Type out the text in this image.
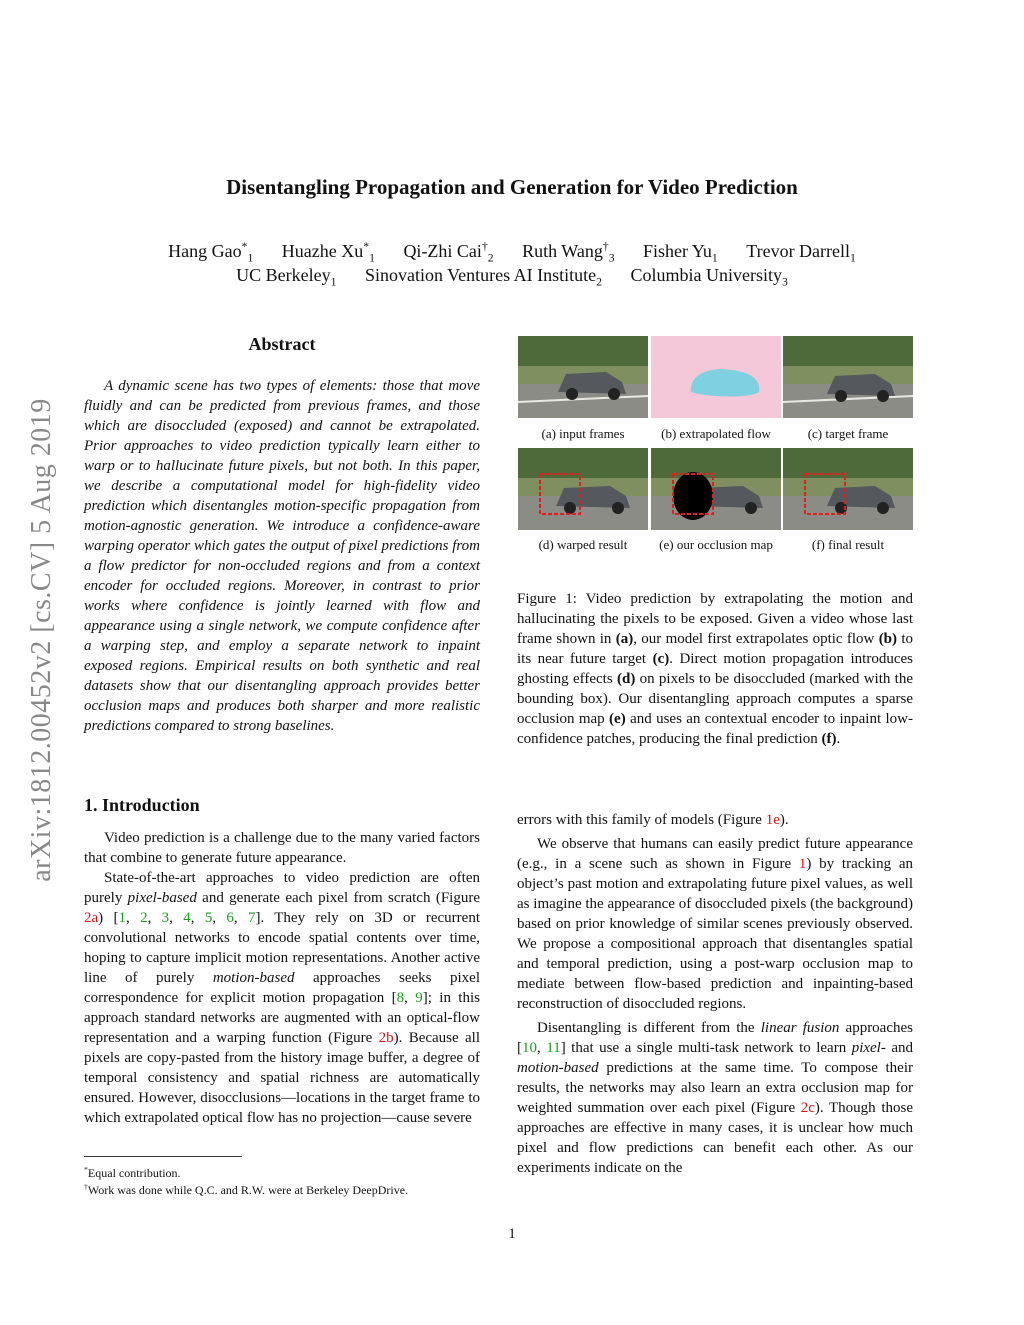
arXiv:1812.00452v2 [cs.CV] 5 Aug 2019
Disentangling Propagation and Generation for Video Prediction
Hang Gao*$_1$ Huazhe $Xu^*_1$ Qi-Zhi Cai†$_2$ Ruth Wang†$_3$ Fisher $Yu_1$ Trevor Darrell$_1$
UC Berkeley$_1$ Sinovation Ventures AI Institute$_2$ Columbia University$_3$
Abstract

A dynamic scene has two types of elements: those that move fluidly and can be predicted from previous frames, and those which are disoccluded (exposed) and cannot be extrapolated. Prior approaches to video prediction typically learn either to warp or to hallucinate future pixels, but not both. In this paper, we describe a computational model for high-fidelity video prediction which disentangles motion-specific propagation from motion-agnostic generation. We introduce a confidence-aware warping operator which gates the output of pixel predictions from a flow predictor for non-occluded regions and from a context encoder for occluded regions. Moreover, in contrast to prior works where confidence is jointly learned with flow and appearance using a single network, we compute confidence after a warping step, and employ a separate network to inpaint exposed regions. Empirical results on both synthetic and real datasets show that our disentangling approach provides better occlusion maps and produces both sharper and more realistic predictions compared to strong baselines.

1. Introduction

Video prediction is a challenge due to the many varied factors that combine to generate future appearance.

State-of-the-art approaches to video prediction are often purely pixel-based and generate each pixel from scratch (Figure 2a) [1, 2, 3, 4, 5, 6, 7]. They rely on 3D or recurrent convolutional networks to encode spatial contents over time, hoping to capture implicit motion representations. Another active line of purely motion-based approaches seeks pixel correspondence for explicit motion propagation [8, 9]; in this approach standard networks are augmented with an optical-flow representation and a warping function (Figure 2b). Because all pixels are copy-pasted from the history image buffer, a degree of temporal consistency and spatial richness are automatically ensured. However, disocclusions—locations in the target frame to which extrapolated optical flow has no projection—cause severe

*Equal contribution.
†Work was done while Q.C. and R.W. were at Berkeley DeepDrive.
(a) input frames	(b) extrapolated flow	(c) target frame
(d) warped result	(e) our occlusion map	(f) final result
Figure 1: Video prediction by extrapolating the motion and hallucinating the pixels to be exposed. Given a video whose last frame shown in (a), our model first extrapolates optic flow (b) to its near future target (c). Direct motion propagation introduces ghosting effects (d) on pixels to be disoccluded (marked with the bounding box). Our disentangling approach computes a sparse occlusion map (e) and uses an contextual encoder to inpaint low-confidence patches, producing the final prediction (f).

errors with this family of models (Figure 1e).

We observe that humans can easily predict future appearance (e.g., in a scene such as shown in Figure 1) by tracking an object’s past motion and extrapolating future pixel values, as well as imagine the appearance of disoccluded pixels (the background) based on prior knowledge of similar scenes previously observed. We propose a compositional approach that disentangles spatial and temporal prediction, using a post-warp occlusion map to mediate between flow-based prediction and inpainting-based reconstruction of disoccluded regions.

Disentangling is different from the linear fusion approaches [10, 11] that use a single multi-task network to learn pixel- and motion-based predictions at the same time. To compose their results, the networks may also learn an extra occlusion map for weighted summation over each pixel (Figure 2c). Though those approaches are effective in many cases, it is unclear how much pixel and flow predictions can benefit each other. As our experiments indicate on the

1
